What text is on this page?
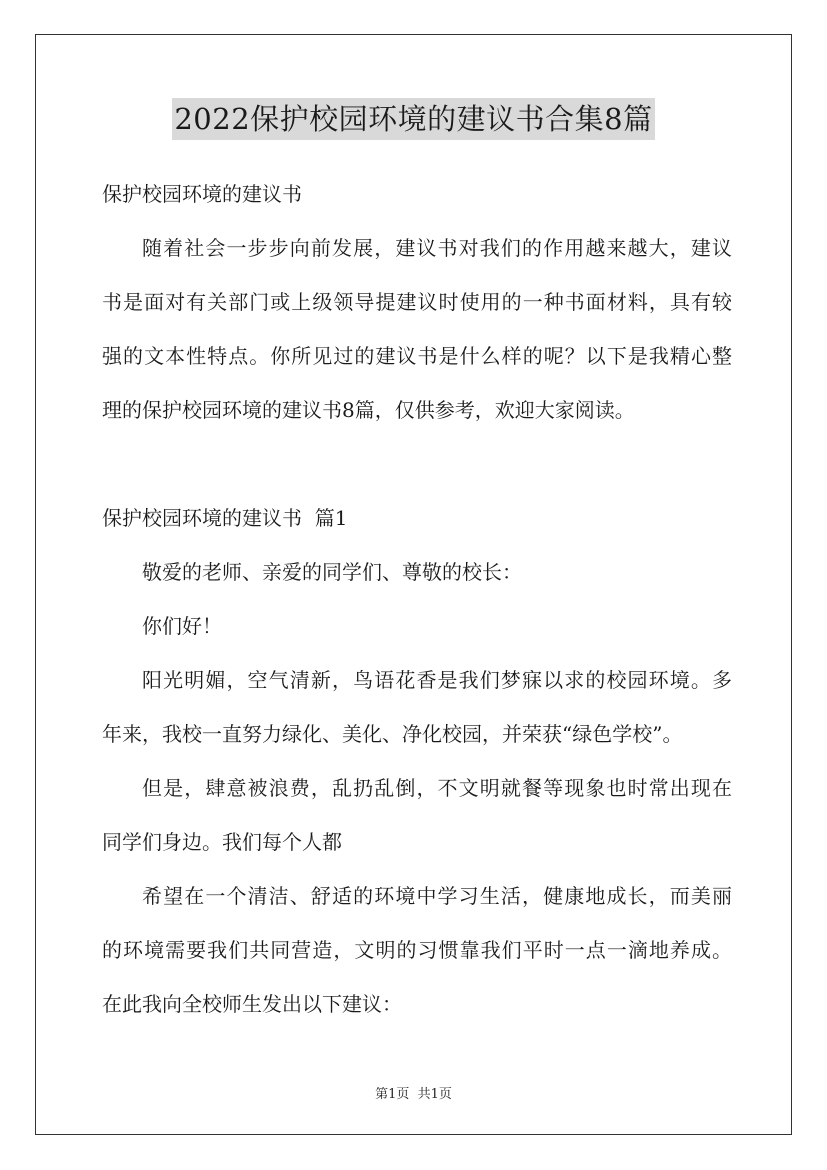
2022保护校园环境的建议书合集8篇
保护校园环境的建议书
随着社会一步步向前发展，建议书对我们的作用越来越大，建议
书是面对有关部门或上级领导提建议时使用的一种书面材料，具有较
强的文本性特点。你所见过的建议书是什么样的呢？以下是我精心整
理的保护校园环境的建议书8篇，仅供参考，欢迎大家阅读。
保护校园环境的建议书  篇1
敬爱的老师、亲爱的同学们、尊敬的校长：
你们好！
阳光明媚，空气清新，鸟语花香是我们梦寐以求的校园环境。多
年来，我校一直努力绿化、美化、净化校园，并荣获“绿色学校”。
但是，肆意被浪费，乱扔乱倒，不文明就餐等现象也时常出现在
同学们身边。我们每个人都
希望在一个清洁、舒适的环境中学习生活，健康地成长，而美丽
的环境需要我们共同营造，文明的习惯靠我们平时一点一滴地养成。
在此我向全校师生发出以下建议：
第1页  共1页
